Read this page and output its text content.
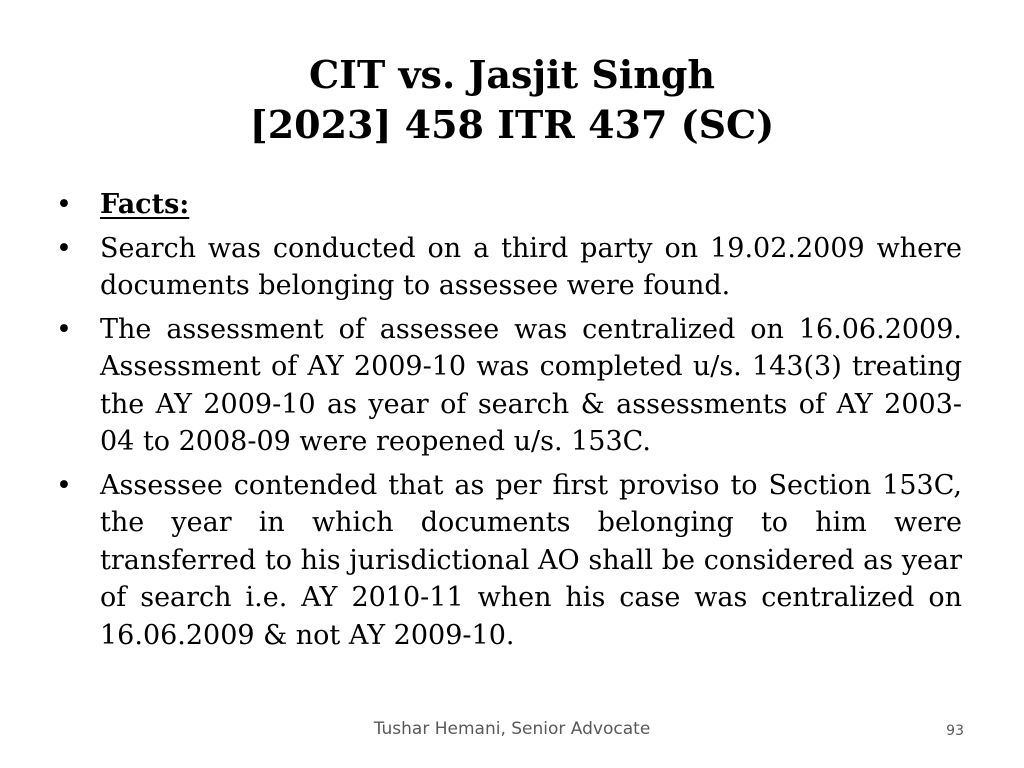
CIT vs. Jasjit Singh
[2023] 458 ITR 437 (SC)
• Facts:
• Search was conducted on a third party on 19.02.2009 where documents belonging to assessee were found.
• The assessment of assessee was centralized on 16.06.2009. Assessment of AY 2009-10 was completed u/s. 143(3) treating the AY 2009-10 as year of search & assessments of AY 2003-04 to 2008-09 were reopened u/s. 153C.
• Assessee contended that as per first proviso to Section 153C, the year in which documents belonging to him were transferred to his jurisdictional AO shall be considered as year of search i.e. AY 2010-11 when his case was centralized on 16.06.2009 & not AY 2009-10.
Tushar Hemani, Senior Advocate	93
